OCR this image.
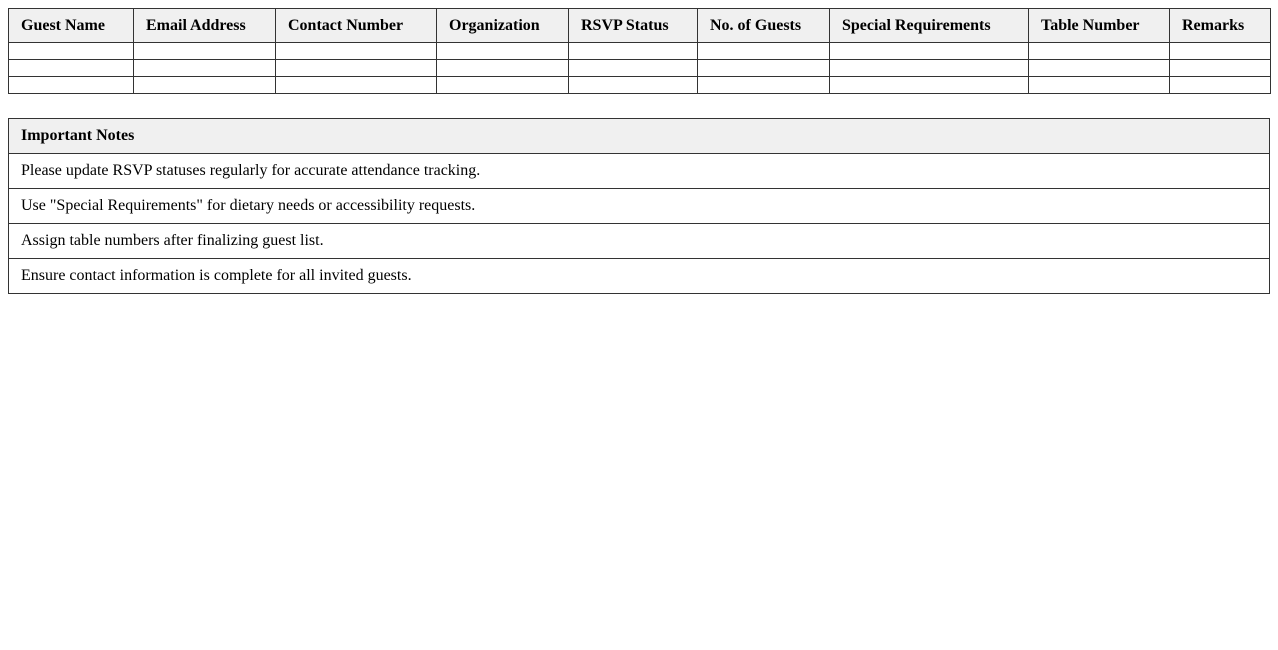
Guest Name	Email Address	Contact Number	Organization	RSVP Status	No. of Guests	Special Requirements	Table Number	Remarks

Important Notes
Please update RSVP statuses regularly for accurate attendance tracking.
Use "Special Requirements" for dietary needs or accessibility requests.
Assign table numbers after finalizing guest list.
Ensure contact information is complete for all invited guests.
